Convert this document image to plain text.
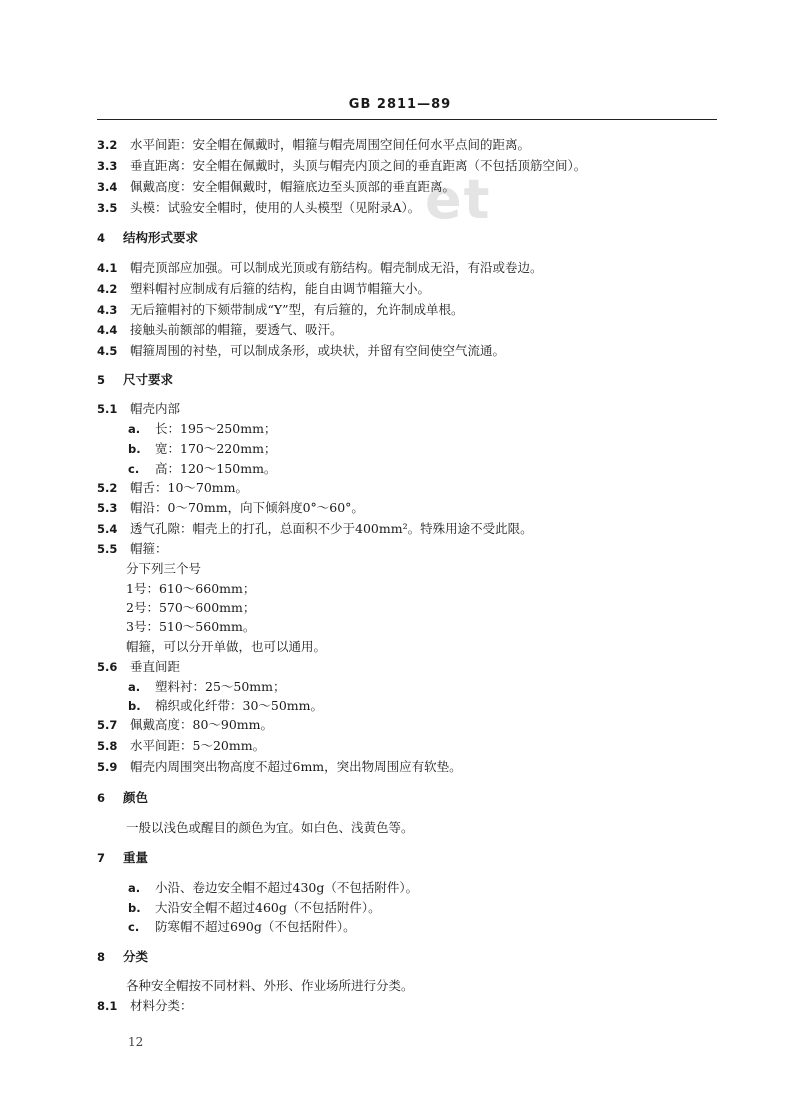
et
GB 2811—89
3.2 水平间距：安全帽在佩戴时，帽箍与帽壳周围空间任何水平点间的距离。
3.3 垂直距离：安全帽在佩戴时，头顶与帽壳内顶之间的垂直距离（不包括顶筋空间）。
3.4 佩戴高度：安全帽佩戴时，帽箍底边至头顶部的垂直距离。
3.5 头模：试验安全帽时，使用的人头模型（见附录A）。
4 结构形式要求
4.1 帽壳顶部应加强。可以制成光顶或有筋结构。帽壳制成无沿，有沿或卷边。
4.2 塑料帽衬应制成有后箍的结构，能自由调节帽箍大小。
4.3 无后箍帽衬的下颏带制成“Y”型，有后箍的，允许制成单根。
4.4 接触头前额部的帽箍，要透气、吸汗。
4.5 帽箍周围的衬垫，可以制成条形，或块状，并留有空间使空气流通。
5 尺寸要求
5.1 帽壳内部
a. 长：195～250mm；
b. 宽：170～220mm；
c. 高：120～150mm。
5.2 帽舌：10～70mm。
5.3 帽沿：0～70mm，向下倾斜度0°～60°。
5.4 透气孔隙：帽壳上的打孔，总面积不少于400mm²。特殊用途不受此限。
5.5 帽箍：
分下列三个号
1号：610～660mm；
2号：570～600mm；
3号：510～560mm。
帽箍，可以分开单做，也可以通用。
5.6 垂直间距
a. 塑料衬：25～50mm；
b. 棉织或化纤带：30～50mm。
5.7 佩戴高度：80～90mm。
5.8 水平间距：5～20mm。
5.9 帽壳内周围突出物高度不超过6mm，突出物周围应有软垫。
6 颜色
一般以浅色或醒目的颜色为宜。如白色、浅黄色等。
7 重量
a. 小沿、卷边安全帽不超过430g（不包括附件）。
b. 大沿安全帽不超过460g（不包括附件）。
c. 防寒帽不超过690g（不包括附件）。
8 分类
各种安全帽按不同材料、外形、作业场所进行分类。
8.1 材料分类：
12
